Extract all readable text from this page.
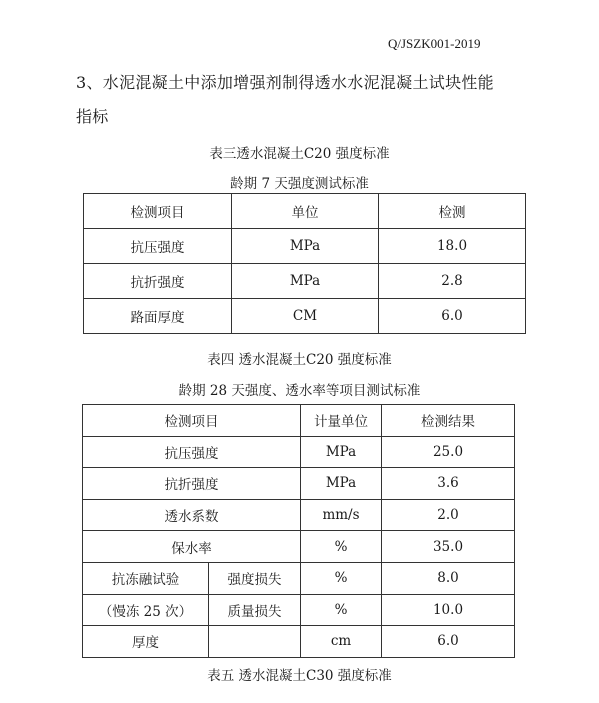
Q/JSZK001-2019
3、水泥混凝土中添加增强剂制得透水水泥混凝土试块性能
指标
表三透水混凝土C20 强度标准
龄期 7 天强度测试标准
检测项目	单位	检测
抗压强度	MPa	18.0
抗折强度	MPa	2.8
路面厚度	CM	6.0
表四 透水混凝土C20 强度标准
龄期 28 天强度、透水率等项目测试标准
检测项目		计量单位	检测结果
抗压强度		MPa	25.0
抗折强度		MPa	3.6
透水系数		mm/s	2.0
保水率		%	35.0
抗冻融试验	强度损失	%	8.0
（慢冻 25 次）	质量损失	%	10.0
厚度		cm	6.0
表五 透水混凝土C30 强度标准
